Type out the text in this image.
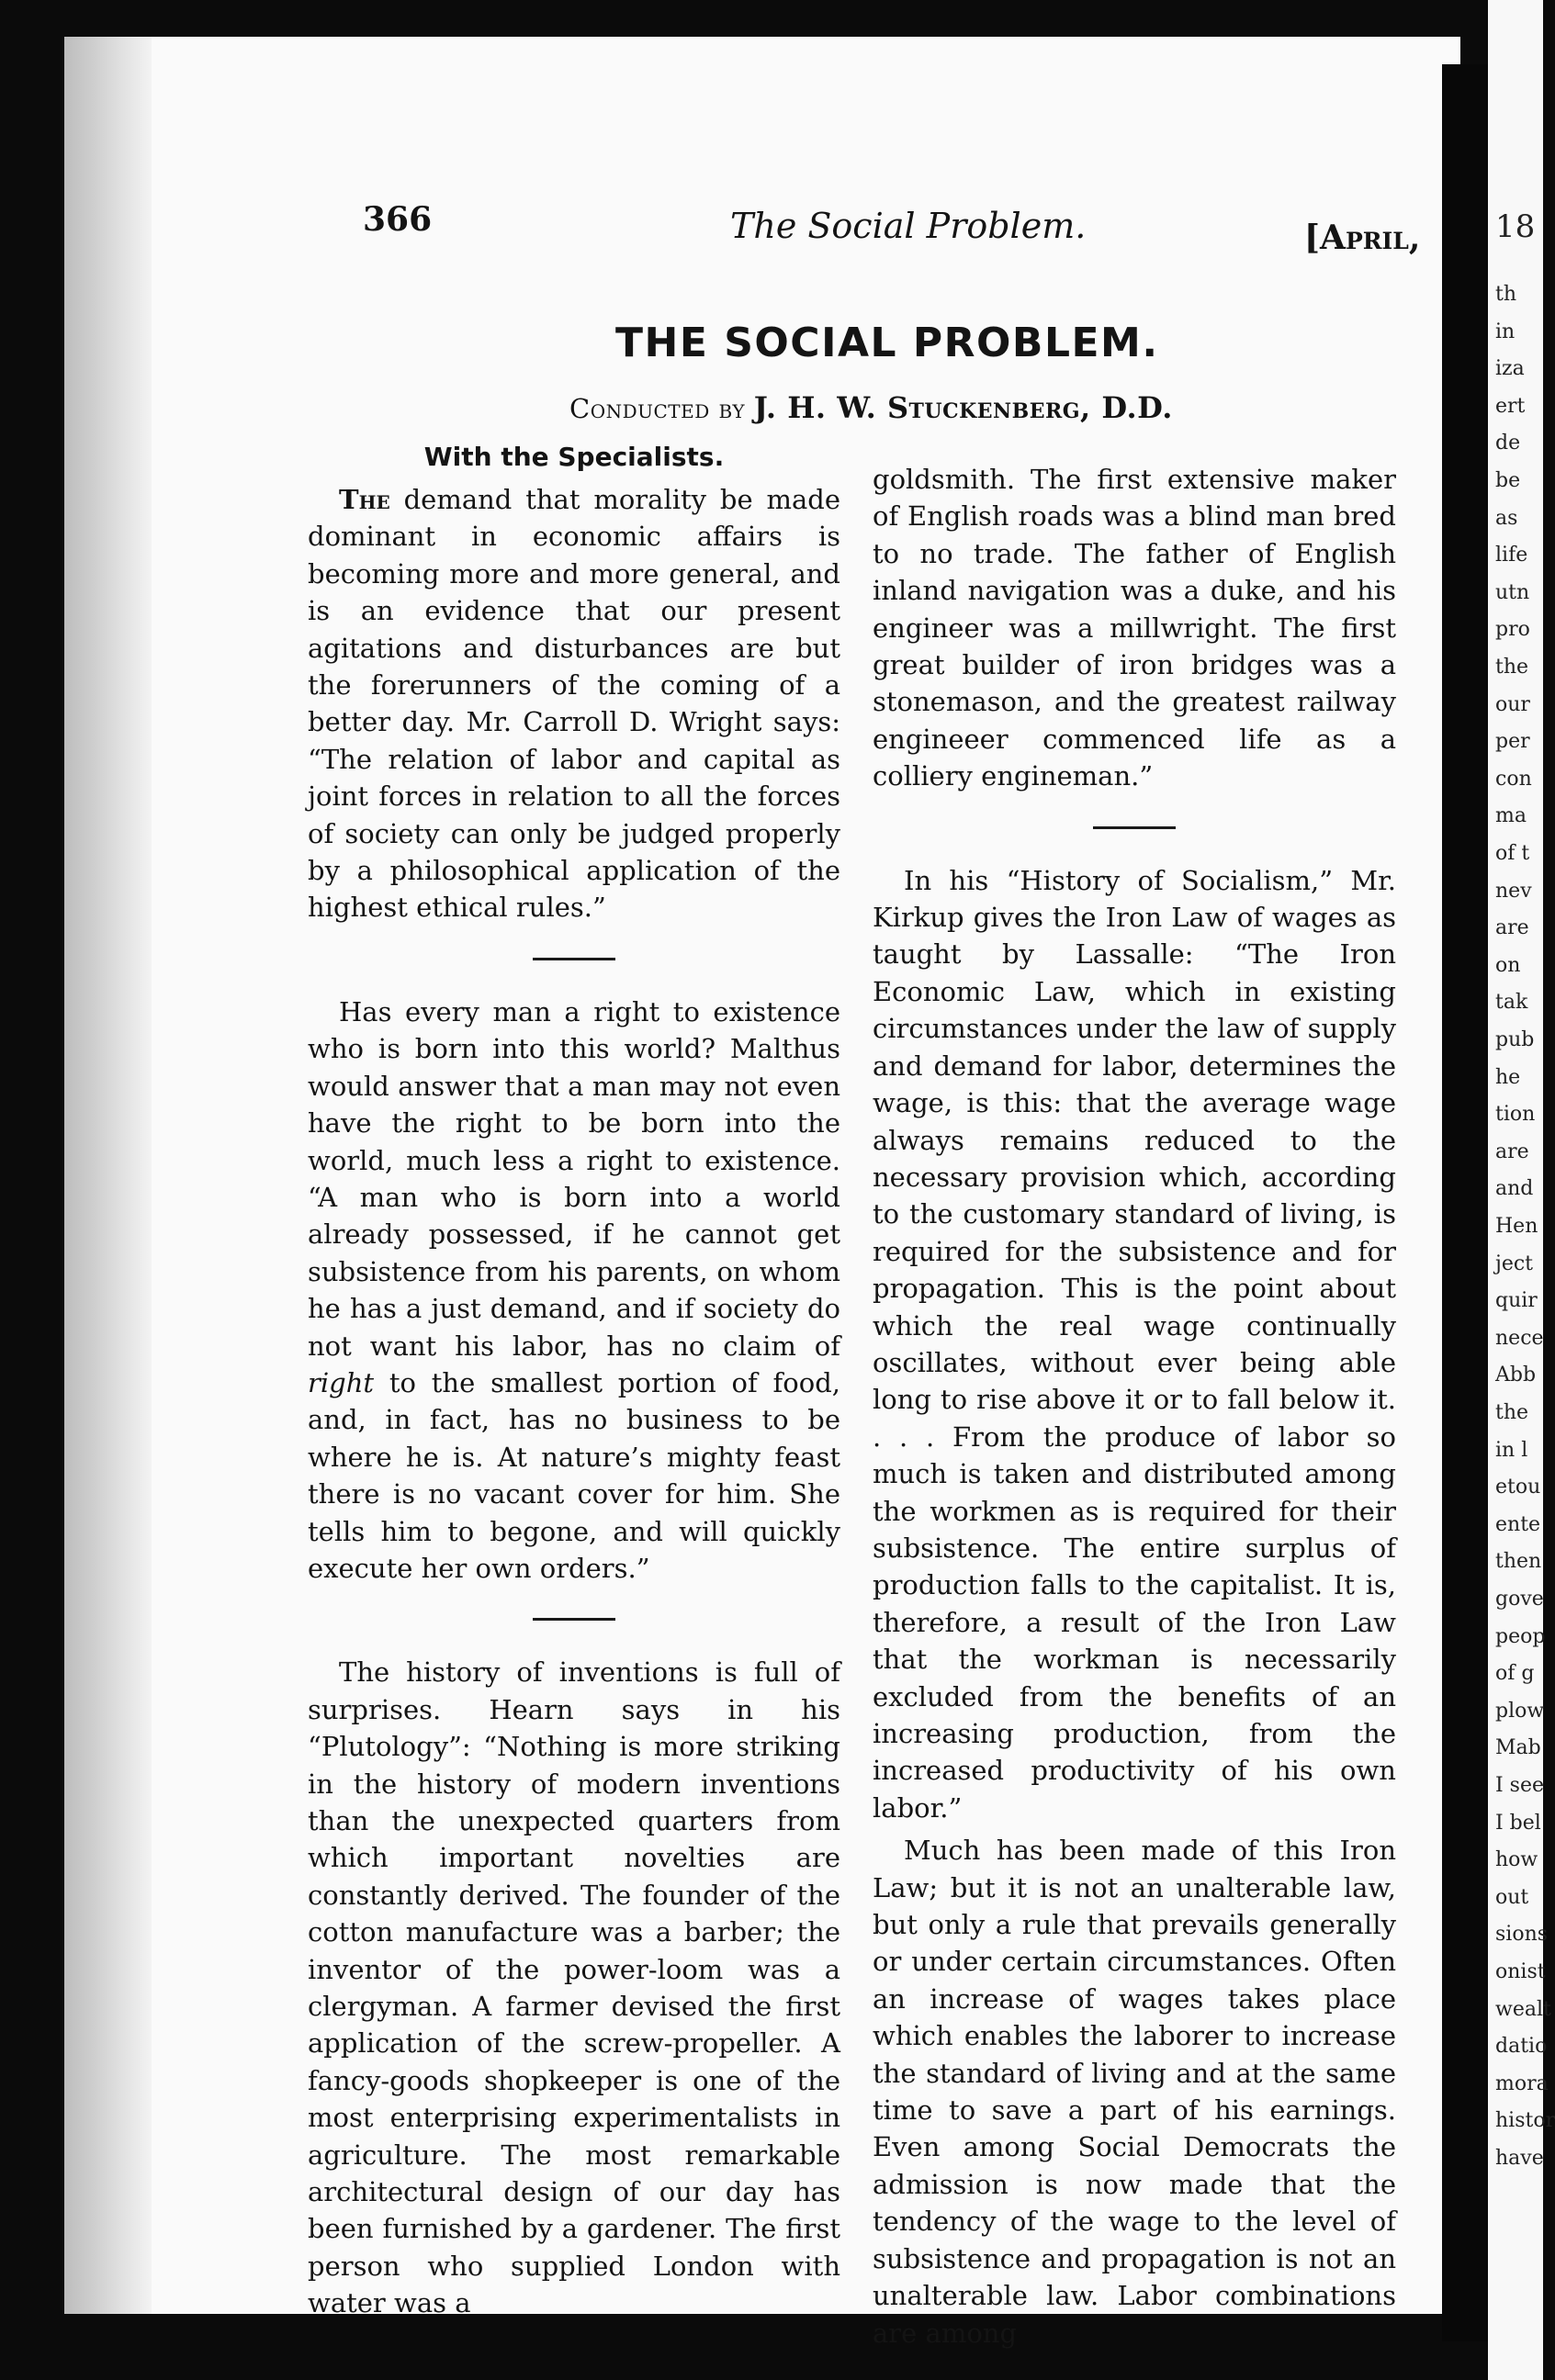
18
th
in
iza
ert
de
be
as
life
utn
pro
the
our
per
con
ma
of t
nev
are
on
tak
pub
he
tion
are
and
Hen
ject
quir
nece
Abb
the
in l
etou
ente
then
gove
peop
of g
plow
Mab
I see
I bel
how
out
sions
onist
wealt
datio
mora
histor
have
366	The Social Problem.	[April,
THE SOCIAL PROBLEM.
Conducted by J. H. W. Stuckenberg, D.D.
With the Specialists.

The demand that morality be made dominant in economic affairs is becoming more and more general, and is an evidence that our present agitations and disturbances are but the forerunners of the coming of a better day. Mr. Carroll D. Wright says: “The relation of labor and capital as joint forces in relation to all the forces of society can only be judged properly by a philosophical application of the highest ethical rules.”

Has every man a right to existence who is born into this world? Malthus would answer that a man may not even have the right to be born into the world, much less a right to existence. “A man who is born into a world already possessed, if he cannot get subsistence from his parents, on whom he has a just demand, and if society do not want his labor, has no claim of right to the smallest portion of food, and, in fact, has no business to be where he is. At nature’s mighty feast there is no vacant cover for him. She tells him to begone, and will quickly execute her own orders.”

The history of inventions is full of surprises. Hearn says in his “Plutology”: “Nothing is more striking in the history of modern inventions than the unexpected quarters from which important novelties are constantly derived. The founder of the cotton manufacture was a barber; the inventor of the power-loom was a clergyman. A farmer devised the first application of the screw-propeller. A fancy-goods shopkeeper is one of the most enterprising experimentalists in agriculture. The most remarkable architectural design of our day has been furnished by a gardener. The first person who supplied London with water was a

goldsmith. The first extensive maker of English roads was a blind man bred to no trade. The father of English inland navigation was a duke, and his engineer was a millwright. The first great builder of iron bridges was a stonemason, and the greatest railway engineeer commenced life as a colliery engineman.”

In his “History of Socialism,” Mr. Kirkup gives the Iron Law of wages as taught by Lassalle: “The Iron Economic Law, which in existing circumstances under the law of supply and demand for labor, determines the wage, is this: that the average wage always remains reduced to the necessary provision which, according to the customary standard of living, is required for the subsistence and for propagation. This is the point about which the real wage continually oscillates, without ever being able long to rise above it or to fall below it. . . . From the produce of labor so much is taken and distributed among the workmen as is required for their subsistence. The entire surplus of production falls to the capitalist. It is, therefore, a result of the Iron Law that the workman is necessarily excluded from the benefits of an increasing production, from the increased productivity of his own labor.”

Much has been made of this Iron Law; but it is not an unalterable law, but only a rule that prevails generally or under certain circumstances. Often an increase of wages takes place which enables the laborer to increase the standard of living and at the same time to save a part of his earnings. Even among Social Democrats the admission is now made that the tendency of the wage to the level of subsistence and propagation is not an unalterable law. Labor combinations are among
